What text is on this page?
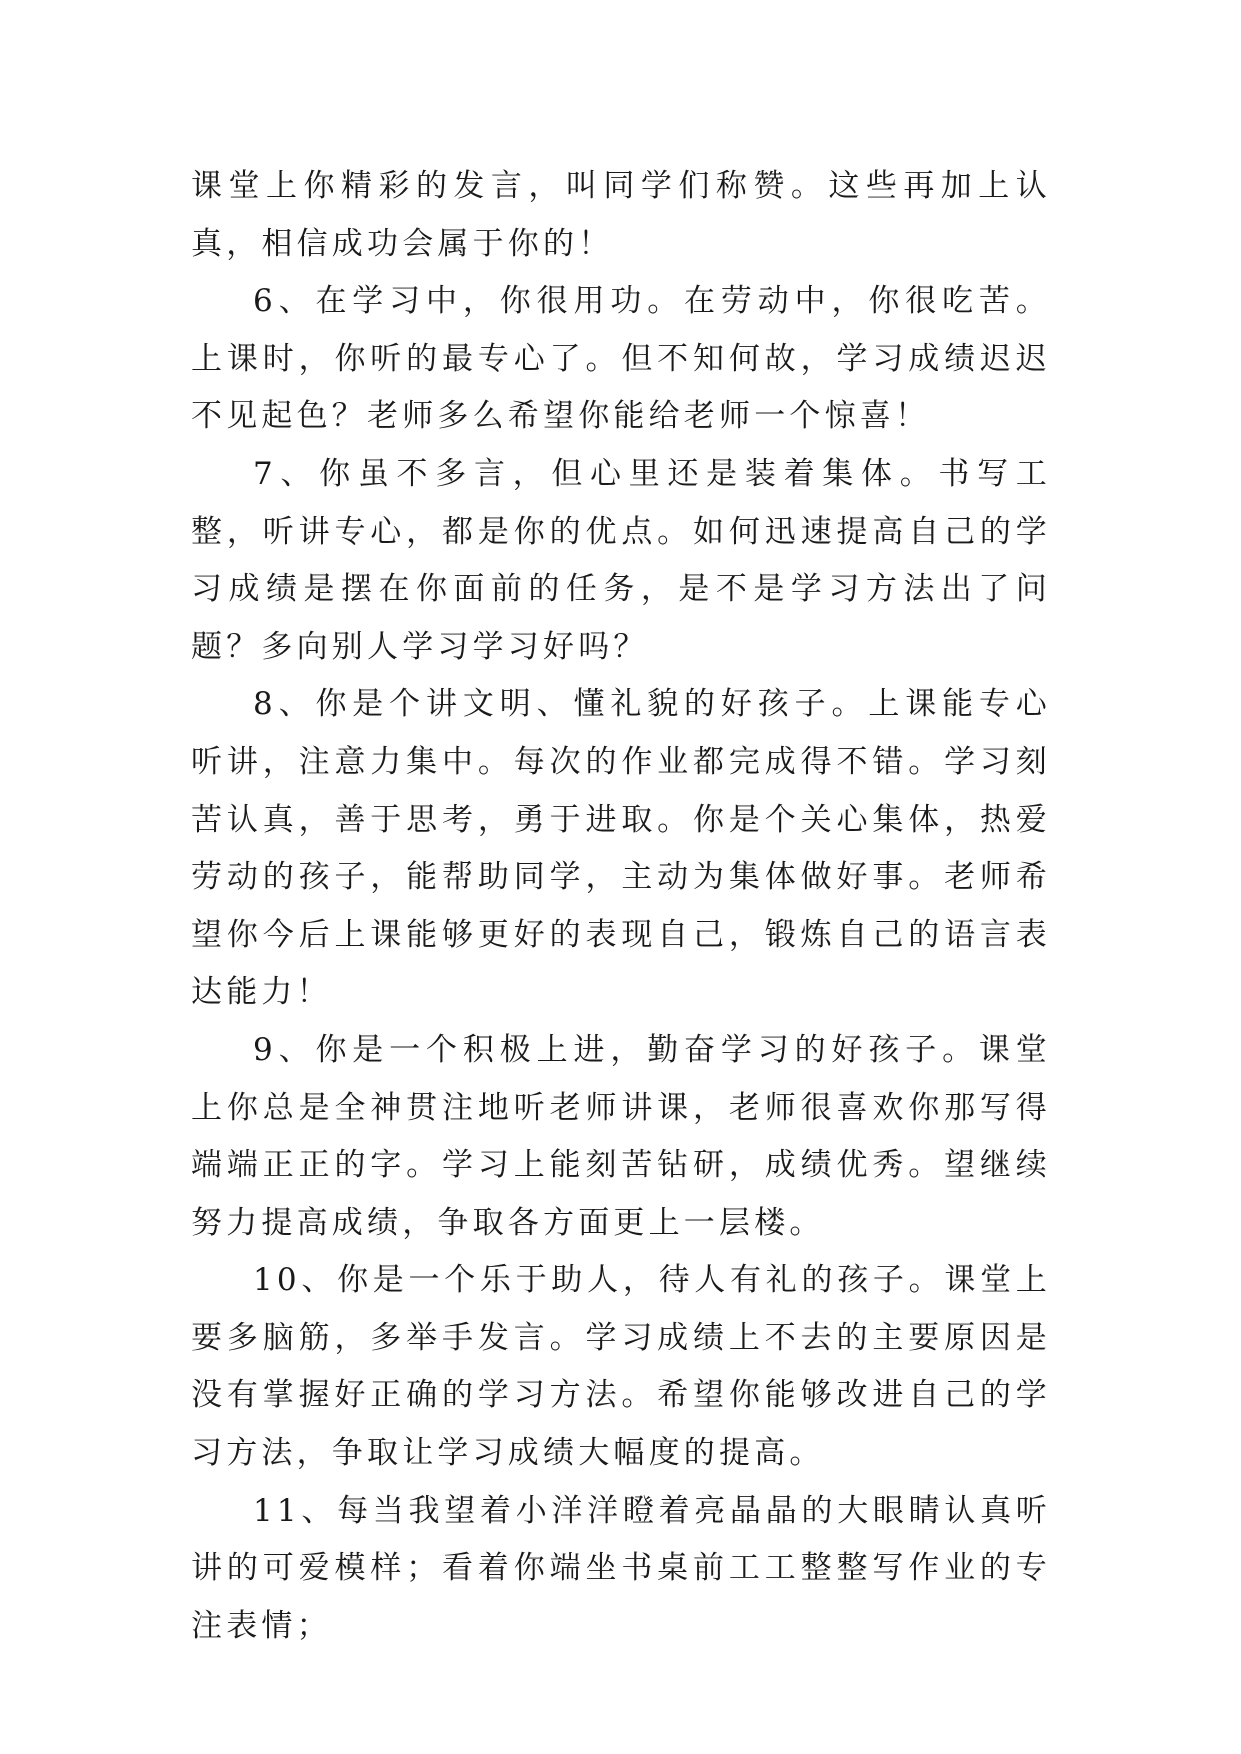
课堂上你精彩的发言，叫同学们称赞。这些再加上认真，相信成功会属于你的！

6、在学习中，你很用功。在劳动中，你很吃苦。上课时，你听的最专心了。但不知何故，学习成绩迟迟不见起色？老师多么希望你能给老师一个惊喜！

7、你虽不多言，但心里还是装着集体。书写工整，听讲专心，都是你的优点。如何迅速提高自己的学习成绩是摆在你面前的任务，是不是学习方法出了问题？多向别人学习学习好吗？

8、你是个讲文明、懂礼貌的好孩子。上课能专心听讲，注意力集中。每次的作业都完成得不错。学习刻苦认真，善于思考，勇于进取。你是个关心集体，热爱劳动的孩子，能帮助同学，主动为集体做好事。老师希望你今后上课能够更好的表现自己，锻炼自己的语言表达能力！

9、你是一个积极上进，勤奋学习的好孩子。课堂上你总是全神贯注地听老师讲课，老师很喜欢你那写得端端正正的字。学习上能刻苦钻研，成绩优秀。望继续努力提高成绩，争取各方面更上一层楼。

10、你是一个乐于助人，待人有礼的孩子。课堂上要多脑筋，多举手发言。学习成绩上不去的主要原因是没有掌握好正确的学习方法。希望你能够改进自己的学习方法，争取让学习成绩大幅度的提高。

11、每当我望着小洋洋瞪着亮晶晶的大眼睛认真听讲的可爱模样；看着你端坐书桌前工工整整写作业的专注表情；
